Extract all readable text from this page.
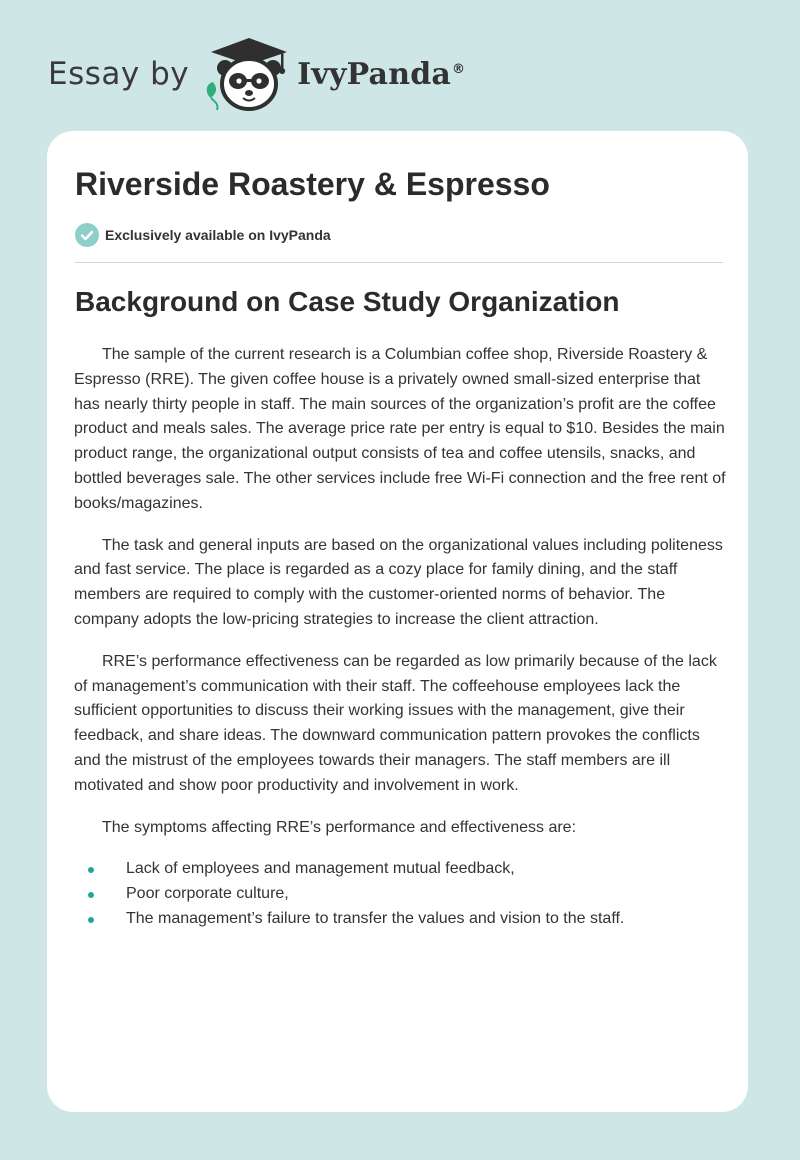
Essay by	IvyPanda®
Riverside Roastery & Espresso
Exclusively available on IvyPanda
Background on Case Study Organization

The sample of the current research is a Columbian coffee shop, Riverside Roastery & Espresso (RRE). The given coffee house is a privately owned small-sized enterprise that has nearly thirty people in staff. The main sources of the organization’s profit are the coffee product and meals sales. The average price rate per entry is equal to $10. Besides the main product range, the organizational output consists of tea and coffee utensils, snacks, and bottled beverages sale. The other services include free Wi-Fi connection and the free rent of books/magazines.

The task and general inputs are based on the organizational values including politeness and fast service. The place is regarded as a cozy place for family dining, and the staff members are required to comply with the customer-oriented norms of behavior. The company adopts the low-pricing strategies to increase the client attraction.

RRE’s performance effectiveness can be regarded as low primarily because of the lack of management’s communication with their staff. The coffeehouse employees lack the sufficient opportunities to discuss their working issues with the management, give their feedback, and share ideas. The downward communication pattern provokes the conflicts and the mistrust of the employees towards their managers. The staff members are ill motivated and show poor productivity and involvement in work.

The symptoms affecting RRE’s performance and effectiveness are:

Lack of employees and management mutual feedback,
Poor corporate culture,
The management’s failure to transfer the values and vision to the staff.
